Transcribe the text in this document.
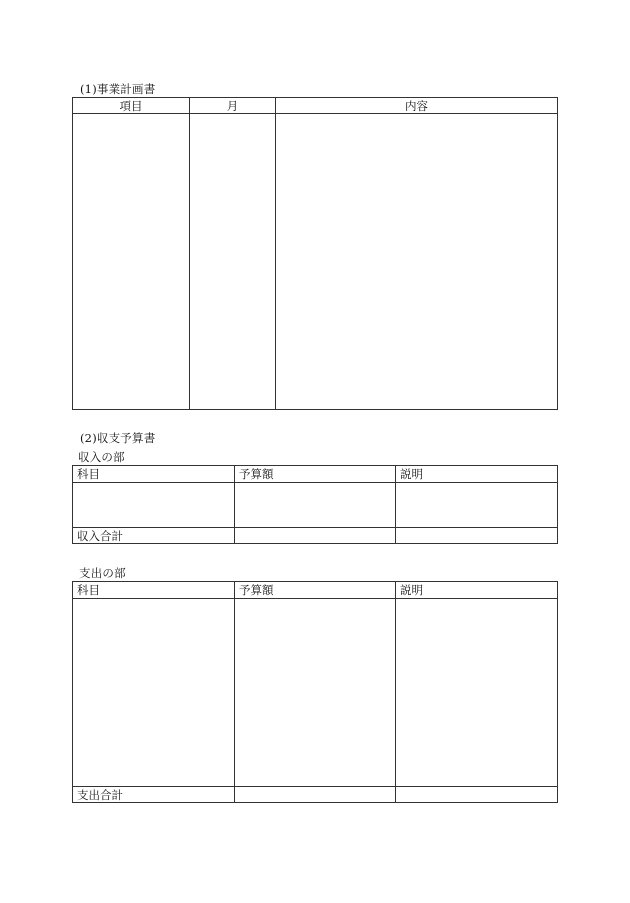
(1)事業計画書
項目	月	内容

(2)収支予算書
収入の部
科目	予算額	説明

収入合計		
支出の部
科目	予算額	説明

支出合計		
